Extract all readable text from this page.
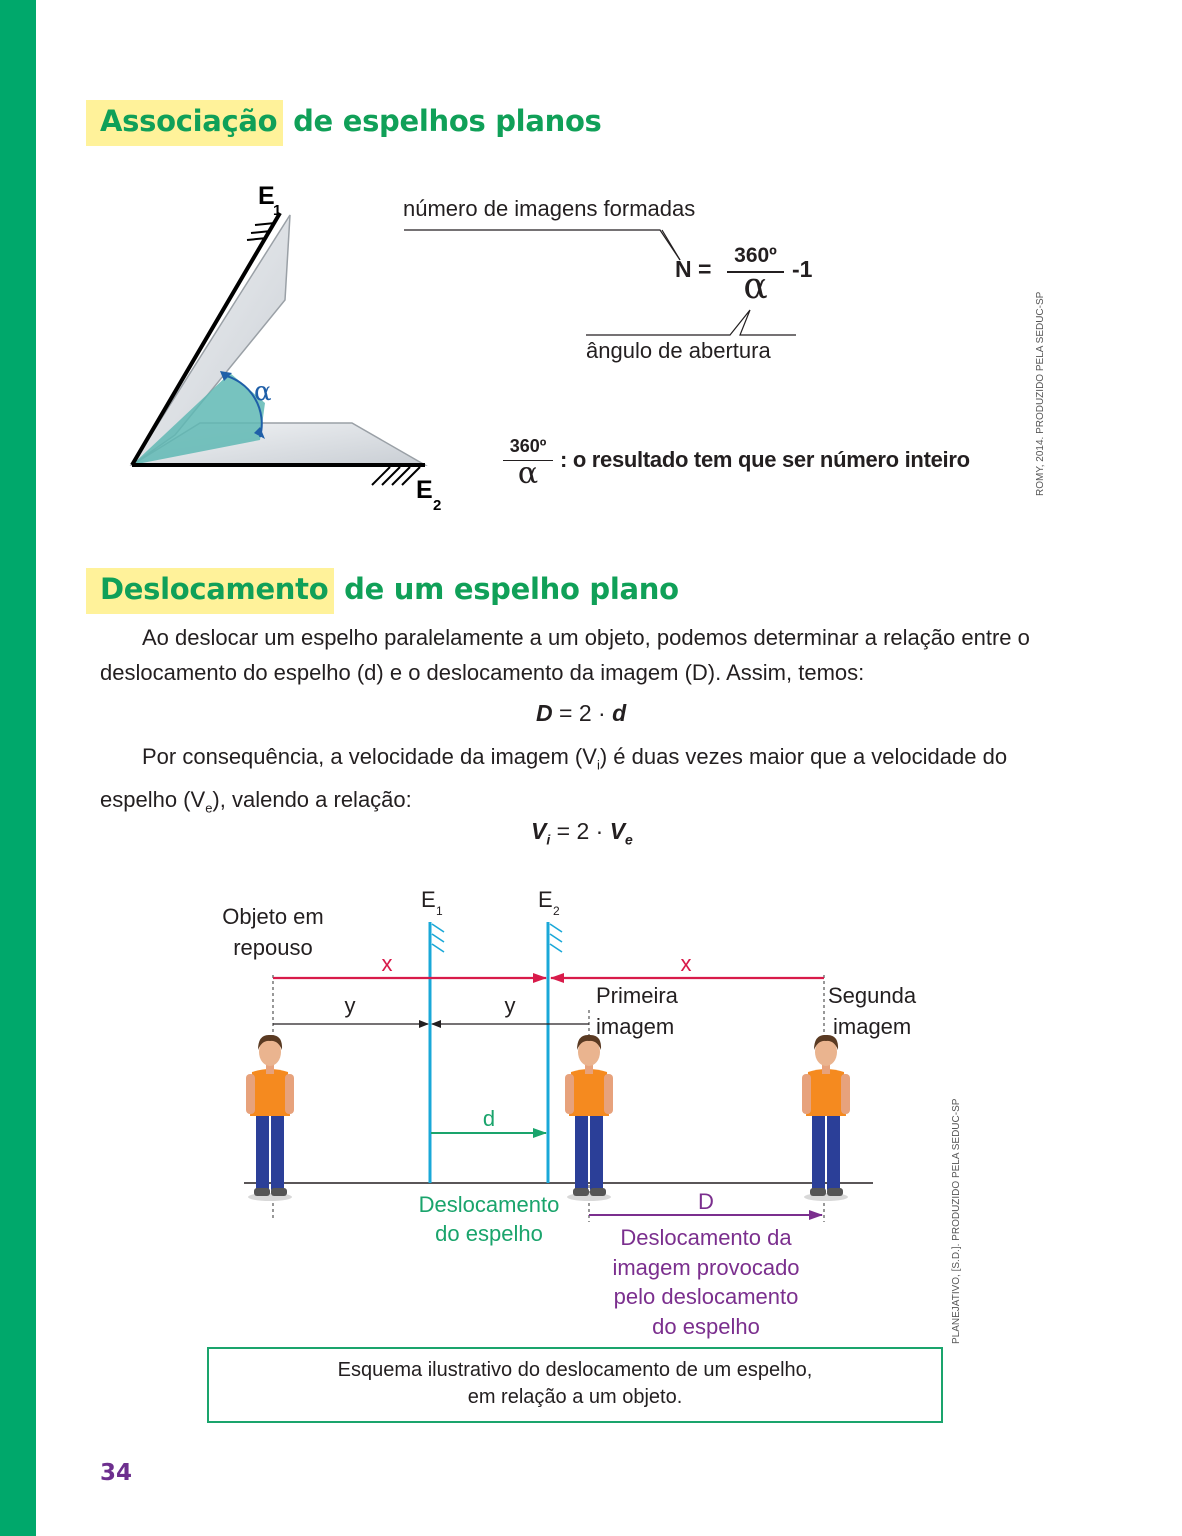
Associação de espelhos planos
E
1
E
2
α
número de imagens formadas
N =
360º
α	-1
ângulo de abertura
360º
α : o resultado tem que ser número inteiro	ROMY, 2014. PRODUZIDO PELA SEDUC-SP
Deslocamento de um espelho plano
Ao deslocar um espelho paralelamente a um objeto, podemos determinar a relação entre o deslocamento do espelho (d) e o deslocamento da imagem (D). Assim, temos:
D = 2 · d
Por consequência, a velocidade da imagem $(V_i)$ é duas vezes maior que a velocidade do espelho $(V_e)$, valendo a relação:
$V_i = 2 \cdot V_e$
Objeto em
repouso
E 1	E 2
y	y	Primeira
imagem
Segunda
imagem
x	x
d
Deslocamento
do espelho
D
Deslocamento da
imagem provocado
pelo deslocamento
do espelho	PLANEJATIVO, [S.D.]. PRODUZIDO PELA SEDUC-SP
Esquema ilustrativo do deslocamento de um espelho,
em relação a um objeto.
34
